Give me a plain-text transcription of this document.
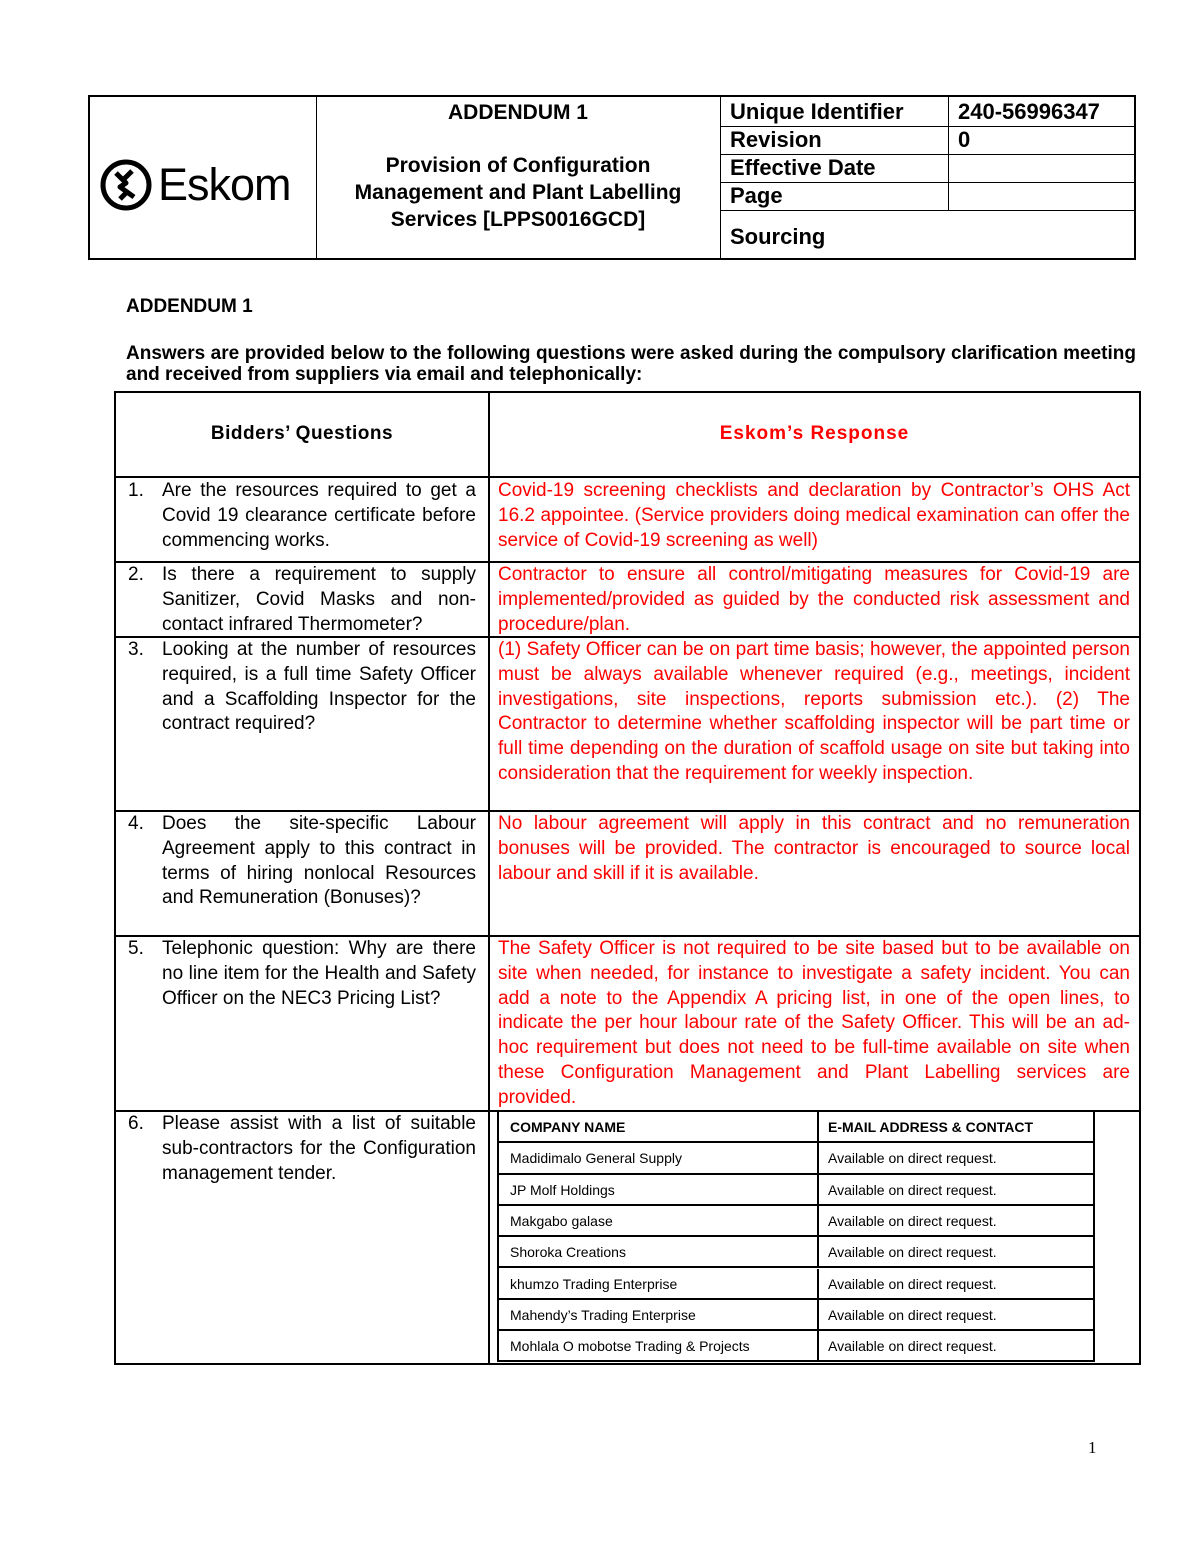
Eskom
ADDENDUM 1
Provision of Configuration
Management and Plant Labelling
Services [LPPS0016GCD]
Unique Identifier 240-56996347
Revision	0
Effective Date
Page
Sourcing
ADDENDUM 1
Answers are provided below to the following questions were asked during the compulsory clarification meeting and received from suppliers via email and telephonically:
Bidders’ Questions	Eskom’s Response
1. Are the resources required to get a Covid 19 clearance certificate before commencing works.
Covid-19 screening checklists and declaration by Contractor’s OHS Act 16.2 appointee. (Service providers doing medical examination can offer the service of Covid-19 screening as well)
2. Is there a requirement to supply Sanitizer, Covid Masks and non-contact infrared Thermometer?
Contractor to ensure all control/mitigating measures for Covid-19 are implemented/provided as guided by the conducted risk assessment and procedure/plan.
3. Looking at the number of resources required, is a full time Safety Officer and a Scaffolding Inspector for the contract required?
(1) Safety Officer can be on part time basis; however, the appointed person must be always available whenever required (e.g., meetings, incident investigations, site inspections, reports submission etc.). (2) The Contractor to determine whether scaffolding inspector will be part time or full time depending on the duration of scaffold usage on site but taking into consideration that the requirement for weekly inspection.
4. Does the site-specific Labour Agreement apply to this contract in terms of hiring nonlocal Resources and Remuneration (Bonuses)?
No labour agreement will apply in this contract and no remuneration bonuses will be provided. The contractor is encouraged to source local labour and skill if it is available.
5. Telephonic question: Why are there no line item for the Health and Safety Officer on the NEC3 Pricing List?
The Safety Officer is not required to be site based but to be available on site when needed, for instance to investigate a safety incident. You can add a note to the Appendix A pricing list, in one of the open lines, to indicate the per hour labour rate of the Safety Officer. This will be an ad-hoc requirement but does not need to be full-time available on site when these Configuration Management and Plant Labelling services are provided.
6. Please assist with a list of suitable sub-contractors for the Configuration management tender.
COMPANY NAME	E-MAIL ADDRESS & CONTACT
Madidimalo General Supply	Available on direct request.
JP Molf Holdings	Available on direct request.
Makgabo galase	Available on direct request.
Shoroka Creations	Available on direct request.
khumzo Trading Enterprise	Available on direct request.
Mahendy’s Trading Enterprise	Available on direct request.
Mohlala O mobotse Trading & Projects	Available on direct request.
1
